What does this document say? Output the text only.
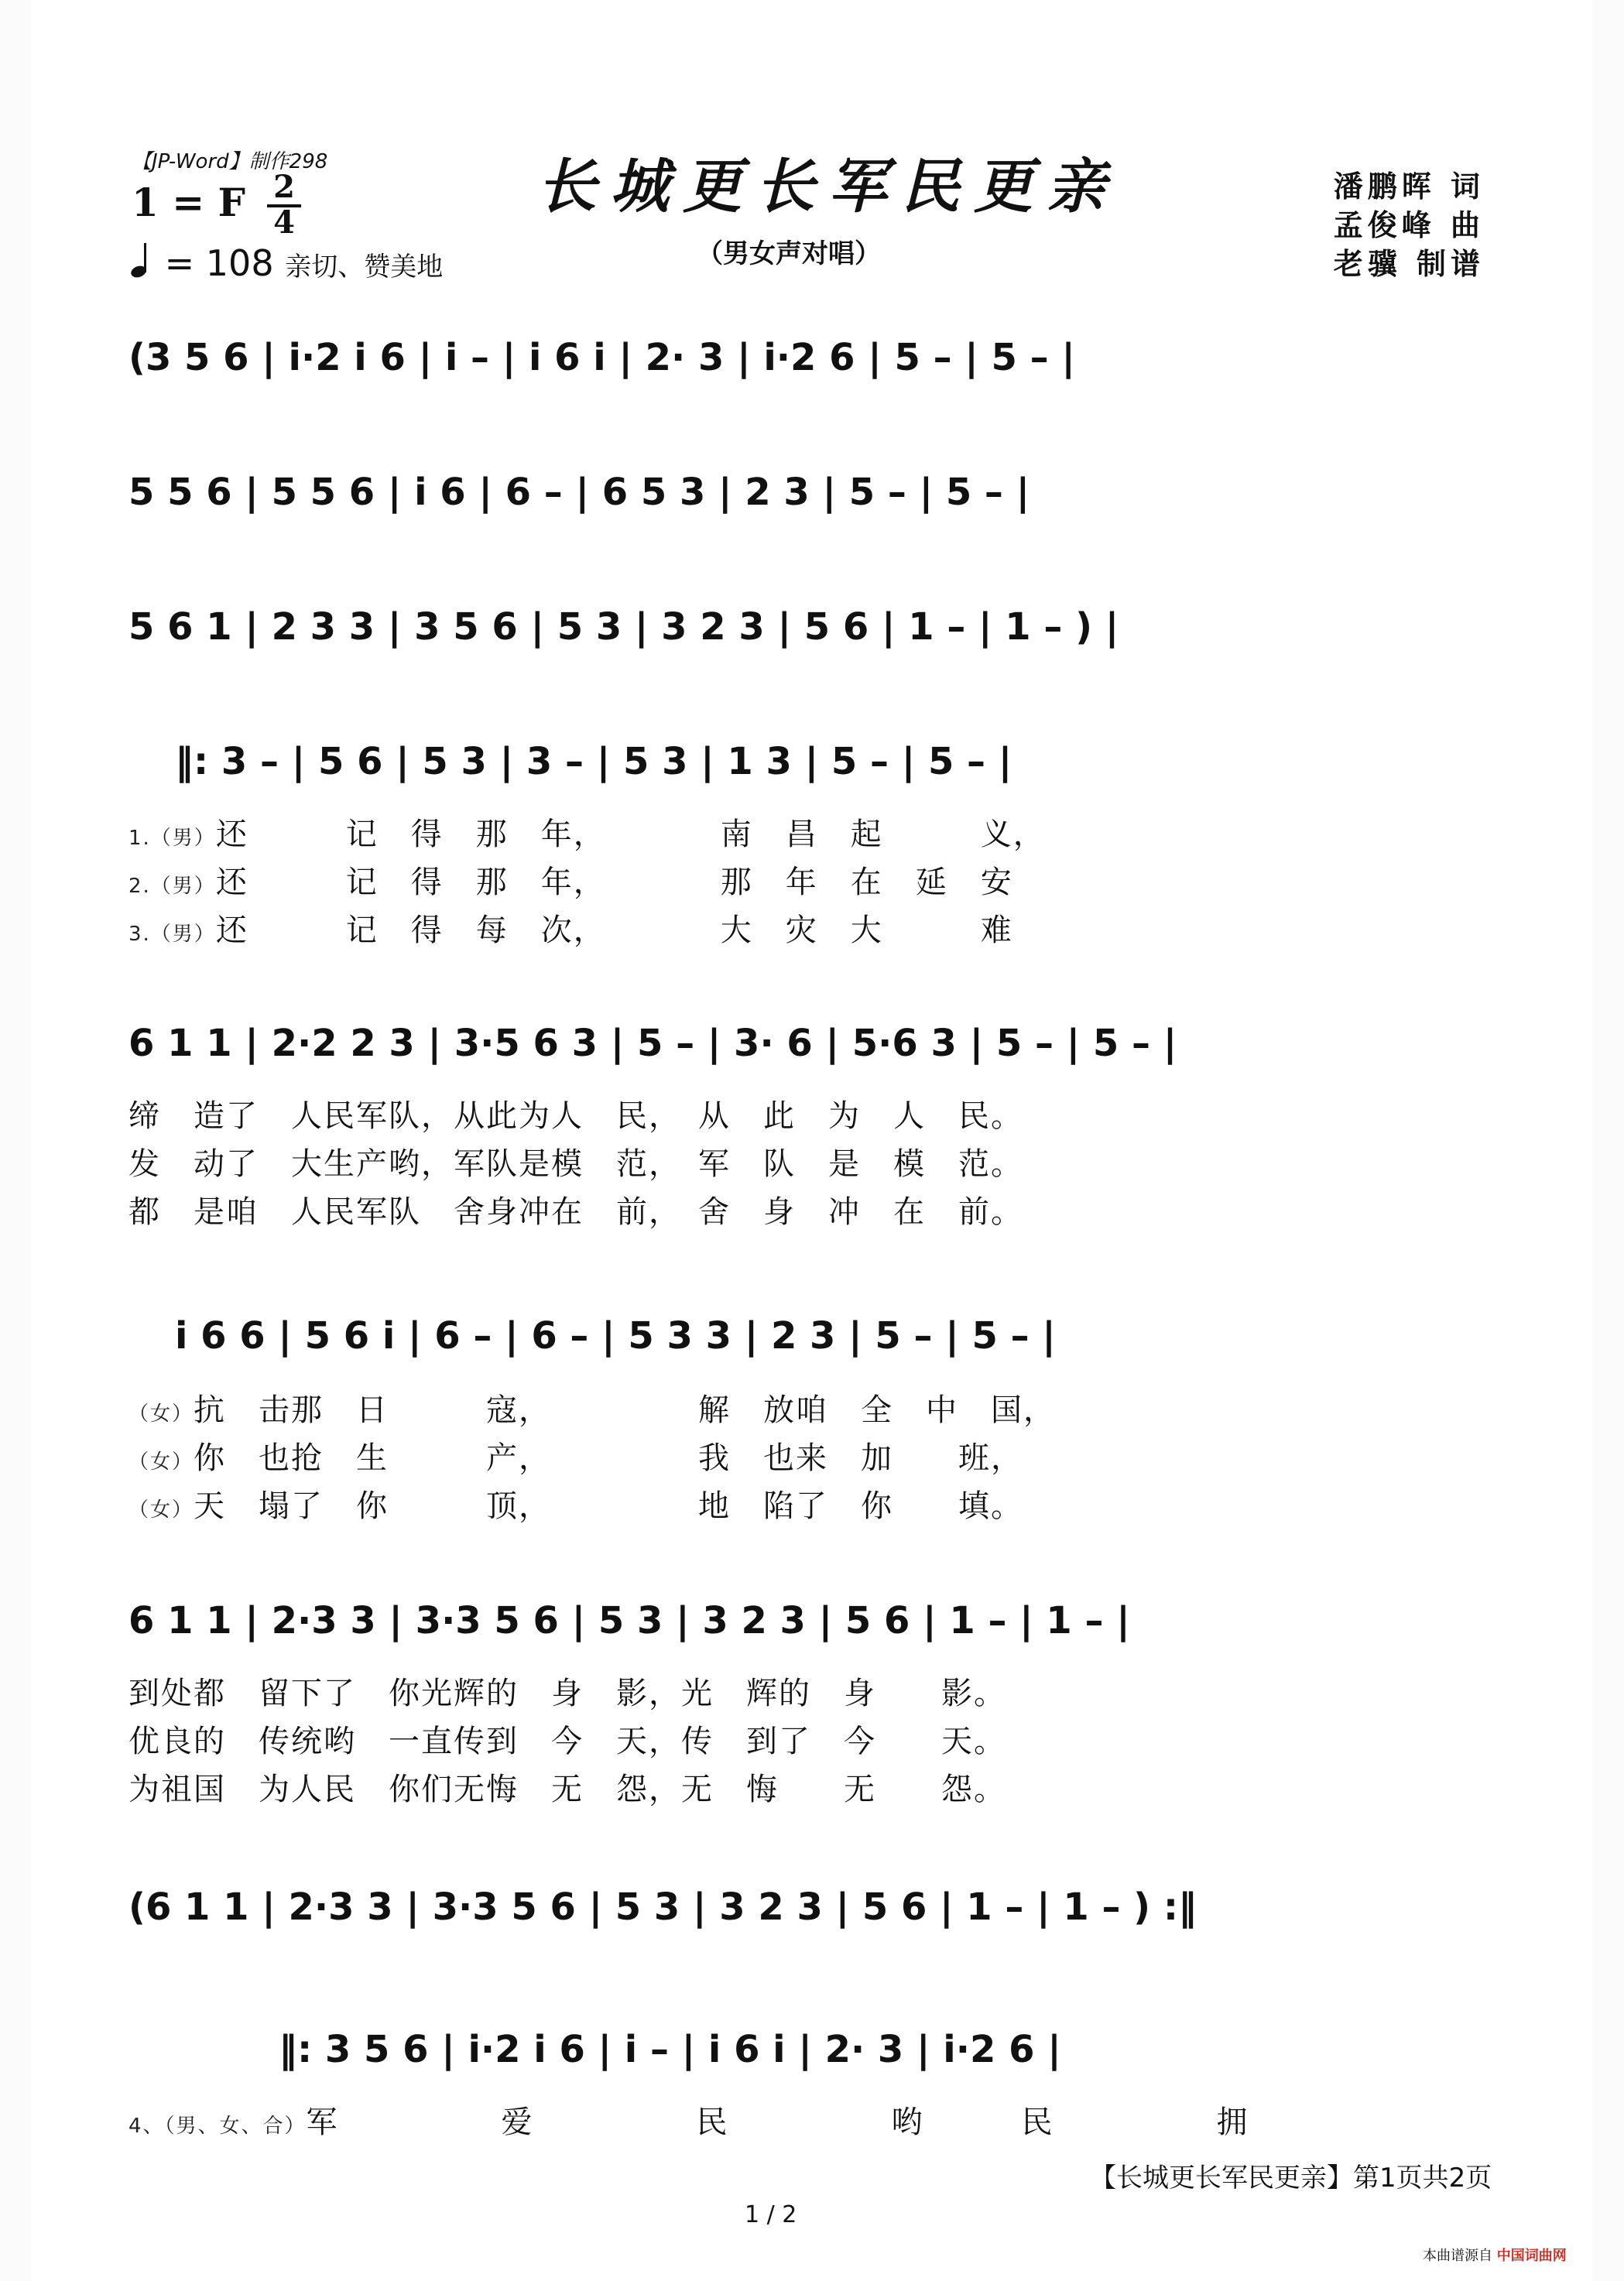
【JP-Word】制作298
1 = F $\frac{2}{4}$
= 108 亲切、赞美地
长城更长军民更亲
（男女声对唱）
潘鹏晖 词
孟俊峰 曲
老骥 制谱
(3 5 6 | i·2 i 6 | i – | i 6 i | 2· 3 | i·2 6 | 5 – | 5 – |
5 5 6 | 5 5 6 | i 6 | 6 – | 6 5 3 | 2 3 | 5 – | 5 – |
5 6 1 | 2 3 3 | 3 5 6 | 5 3 | 3 2 3 | 5 6 | 1 – | 1 – ) |
‖: 3 – | 5 6 | 5 3 | 3 – | 5 3 | 1 3 | 5 – | 5 – |
1.（男）还　　　记　得　那　年，　　　　南　昌　起　　　义，
2.（男）还　　　记　得　那　年，　　　　那　年　在　延　安
3.（男）还　　　记　得　每　次，　　　　大　灾　大　　　难
6 1 1 | 2·2 2 3 | 3·5 6 3 | 5 – | 3· 6 | 5·6 3 | 5 – | 5 – |
缔　造了　人民军队，从此为人　民，　从　此　为　人　民。
发　动了　大生产哟，军队是模　范，　军　队　是　模　范。
都　是咱　人民军队　舍身冲在　前，　舍　身　冲　在　前。
i 6 6 | 5 6 i | 6 – | 6 – | 5 3 3 | 2 3 | 5 – | 5 – |
（女）抗　击那　日　　　寇，　　　　　解　放咱　全　中　国，
（女）你　也抢　生　　　产，　　　　　我　也来　加　　班，
（女）天　塌了　你　　　顶，　　　　　地　陷了　你　　填。
6 1 1 | 2·3 3 | 3·3 5 6 | 5 3 | 3 2 3 | 5 6 | 1 – | 1 – |
到处都　留下了　你光辉的　身　影，光　辉的　身　　影。
优良的　传统哟　一直传到　今　天，传　到了　今　　天。
为祖国　为人民　你们无悔　无　怨，无　悔　　无　　怨。
(6 1 1 | 2·3 3 | 3·3 5 6 | 5 3 | 3 2 3 | 5 6 | 1 – | 1 – ) :‖
‖: 3 5 6 | i·2 i 6 | i – | i 6 i | 2· 3 | i·2 6 |
4、（男、女、合）军　　　　　爱　　　　　民　　　　　哟　　　民　　　　　拥
【长城更长军民更亲】第1页共2页
1 / 2
本曲谱源自 中国词曲网
